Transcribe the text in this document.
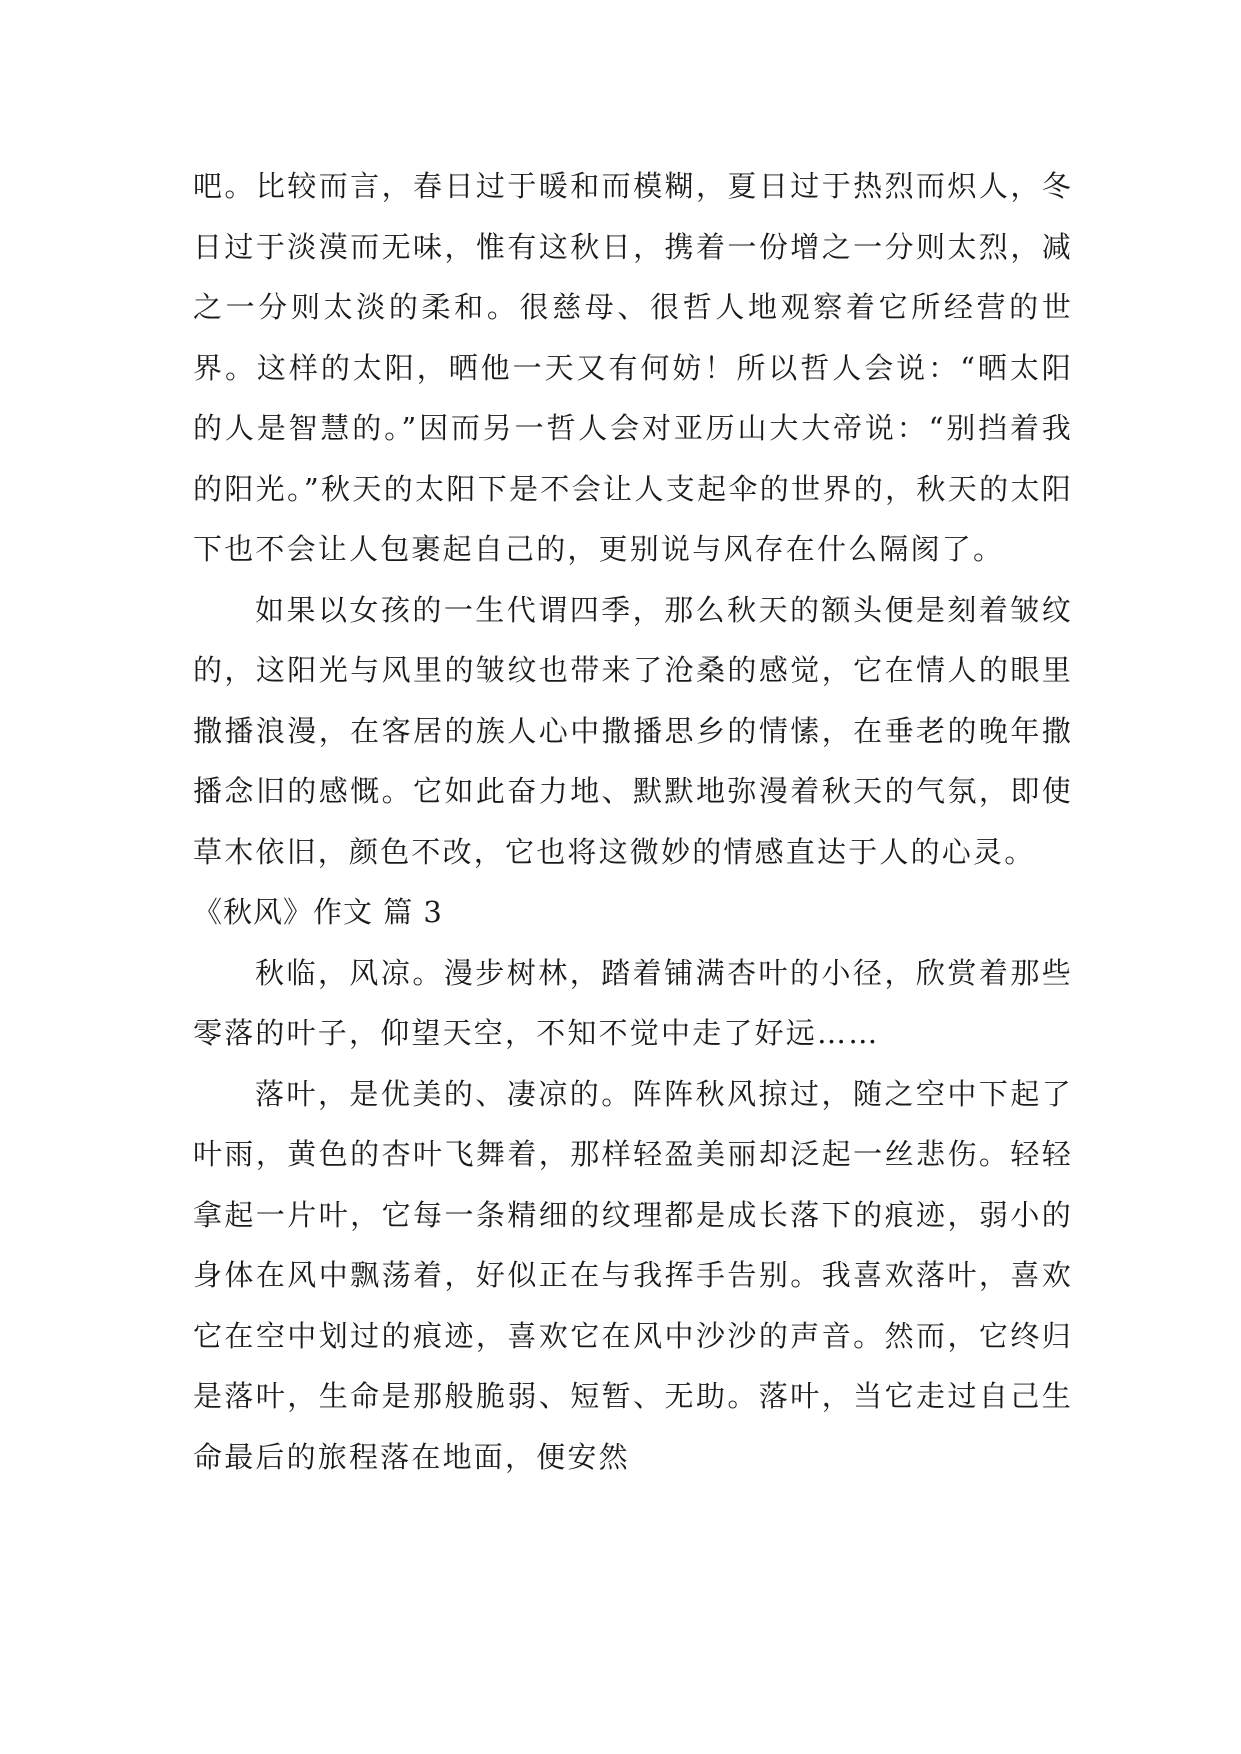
吧。比较而言，春日过于暖和而模糊，夏日过于热烈而炽人，冬日过于淡漠而无味，惟有这秋日，携着一份增之一分则太烈，减之一分则太淡的柔和。很慈母、很哲人地观察着它所经营的世界。这样的太阳，晒他一天又有何妨！所以哲人会说：“晒太阳的人是智慧的。”因而另一哲人会对亚历山大大帝说：“别挡着我的阳光。”秋天的太阳下是不会让人支起伞的世界的，秋天的太阳下也不会让人包裹起自己的，更别说与风存在什么隔阂了。

如果以女孩的一生代谓四季，那么秋天的额头便是刻着皱纹的，这阳光与风里的皱纹也带来了沧桑的感觉，它在情人的眼里撒播浪漫，在客居的族人心中撒播思乡的情愫，在垂老的晚年撒播念旧的感慨。它如此奋力地、默默地弥漫着秋天的气氛，即使草木依旧，颜色不改，它也将这微妙的情感直达于人的心灵。

《秋风》作文 篇 3

秋临，风凉。漫步树林，踏着铺满杏叶的小径，欣赏着那些零落的叶子，仰望天空，不知不觉中走了好远……

落叶，是优美的、凄凉的。阵阵秋风掠过，随之空中下起了叶雨，黄色的杏叶飞舞着，那样轻盈美丽却泛起一丝悲伤。轻轻拿起一片叶，它每一条精细的纹理都是成长落下的痕迹，弱小的身体在风中飘荡着，好似正在与我挥手告别。我喜欢落叶，喜欢它在空中划过的痕迹，喜欢它在风中沙沙的声音。然而，它终归是落叶，生命是那般脆弱、短暂、无助。落叶，当它走过自己生命最后的旅程落在地面，便安然
